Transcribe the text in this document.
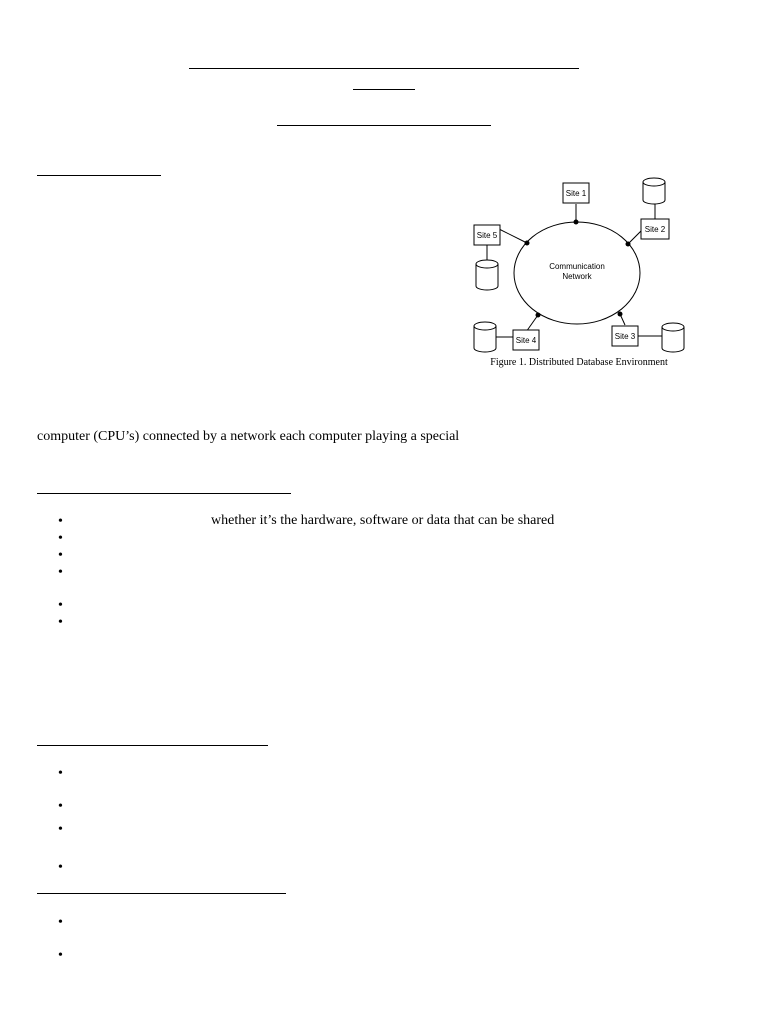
Communication
Network
Site 1
Site 2
Site 3
Site 4
Site 5
Figure 1. Distributed Database Environment
computer (CPU’s) connected by a network each computer playing a special
•	whether it’s the hardware, software or data that can be shared
•
•
•
•
•
•
•
•
•
•
•
